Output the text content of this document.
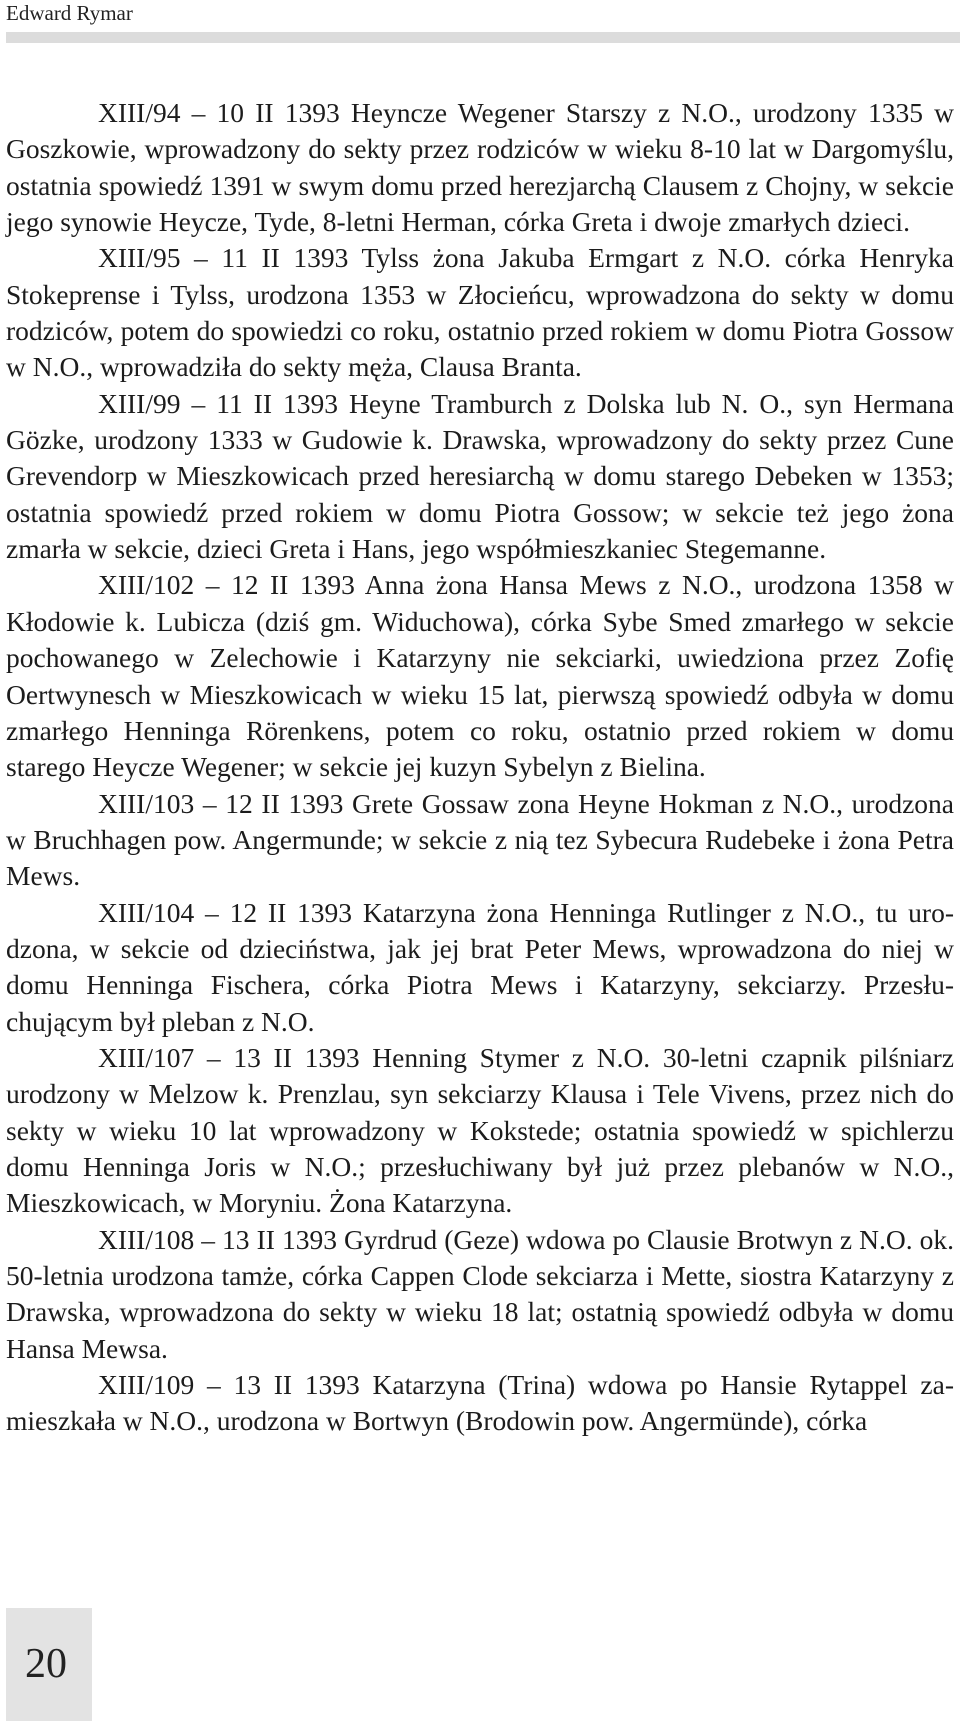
Edward Rymar

XIII/94 – 10 II 1393 Heyncze Wegener Starszy z N.O., urodzony 1335 w Goszkowie, wprowadzony do sekty przez rodziców w wieku 8-10 lat w Dargomyślu, ostatnia spowiedź 1391 w swym domu przed herezjarchą Clausem z Chojny, w sekcie jego synowie Heycze, Tyde, 8-letni Herman, córka Greta i dwoje zmarłych dzieci.

XIII/95 – 11 II 1393 Tylss żona Jakuba Ermgart z N.O. córka Henryka Stokeprense i Tylss, urodzona 1353 w Złocieńcu, wprowadzona do sekty w domu rodziców, potem do spowiedzi co roku, ostatnio przed rokiem w domu Piotra Gossow w N.O., wprowadziła do sekty męża, Clausa Branta.

XIII/99 – 11 II 1393 Heyne Tramburch z Dolska lub N. O., syn Hermana Gözke, urodzony 1333 w Gudowie k. Drawska, wprowadzony do sekty przez Cune Grevendorp w Mieszkowicach przed heresiarchą w domu starego Debeken w 1353; ostatnia spowiedź przed rokiem w domu Piotra Gossow; w sekcie też jego żona zmarła w sekcie, dzieci Greta i Hans, jego współmieszkaniec Stegemanne.

XIII/102 – 12 II 1393 Anna żona Hansa Mews z N.O., urodzona 1358 w Kłodowie k. Lubicza (dziś gm. Widuchowa), córka Sybe Smed zmarłego w sekcie pochowanego w Zelechowie i Katarzyny nie sekciarki, uwiedziona przez Zofię Oertwynesch w Mieszkowicach w wieku 15 lat, pierwszą spowiedź odbyła w domu zmarłego Henninga Rörenkens, potem co roku, ostatnio przed rokiem w domu starego Heycze Wegener; w sekcie jej kuzyn Sybelyn z Bielina.

XIII/103 – 12 II 1393 Grete Gossaw zona Heyne Hokman z N.O., urodzona w Bruchhagen pow. Angermunde; w sekcie z nią tez Sybecura Rudebeke i żona Petra Mews.

XIII/104 – 12 II 1393 Katarzyna żona Henninga Rutlinger z N.O., tu urodzona, w sekcie od dzieciństwa, jak jej brat Peter Mews, wprowadzona do niej w domu Henninga Fischera, córka Piotra Mews i Katarzyny, sekciarzy. Przesłuchującym był pleban z N.O.

XIII/107 – 13 II 1393 Henning Stymer z N.O. 30-letni czapnik pilśniarz urodzony w Melzow k. Prenzlau, syn sekciarzy Klausa i Tele Vivens, przez nich do sekty w wieku 10 lat wprowadzony w Kokstede; ostatnia spowiedź w spichlerzu domu Henninga Joris w N.O.; przesłuchiwany był już przez plebanów w N.O., Mieszkowicach, w Moryniu. Żona Katarzyna.

XIII/108 – 13 II 1393 Gyrdrud (Geze) wdowa po Clausie Brotwyn z N.O. ok. 50-letnia urodzona tamże, córka Cappen Clode sekciarza i Mette, siostra Katarzyny z Drawska, wprowadzona do sekty w wieku 18 lat; ostatnią spowiedź odbyła w domu Hansa Mewsa.

XIII/109 – 13 II 1393 Katarzyna (Trina) wdowa po Hansie Rytappel zamieszkała w N.O., urodzona w Bortwyn (Brodowin pow. Angermünde), córka

20
